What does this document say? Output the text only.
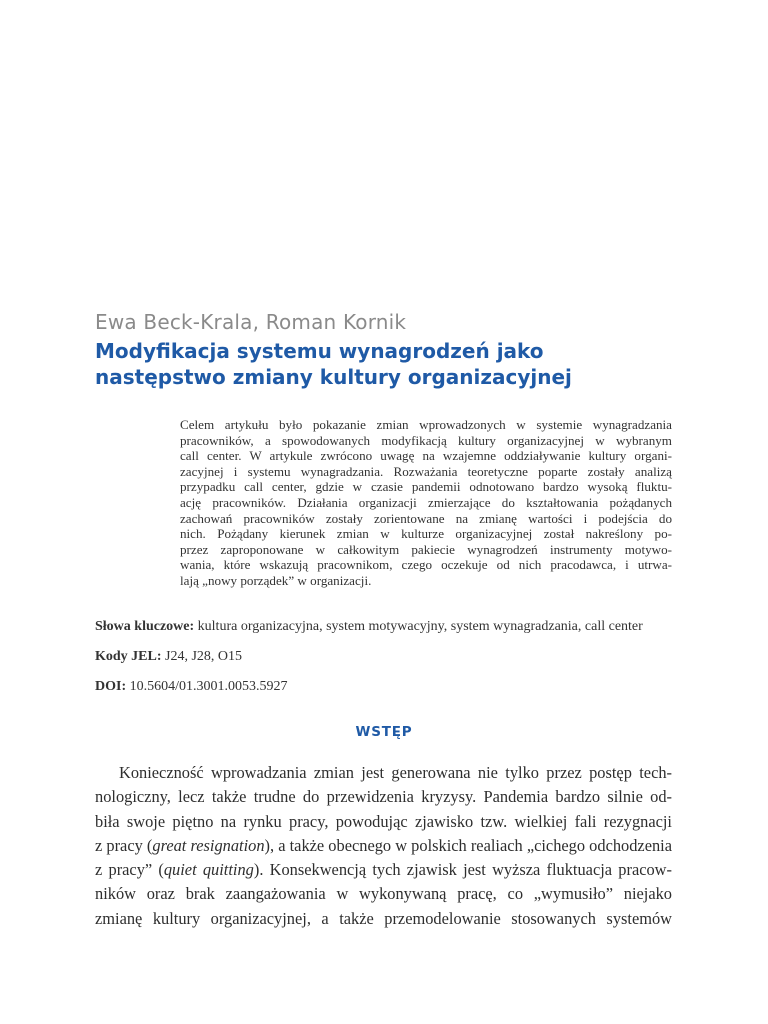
Ewa Beck-Krala, Roman Kornik
Modyfikacja systemu wynagrodzeń jako
następstwo zmiany kultury organizacyjnej
Celem artykułu było pokazanie zmian wprowadzonych w systemie wynagradzania
pracowników, a spowodowanych modyfikacją kultury organizacyjnej w wybranym
call center. W artykule zwrócono uwagę na wzajemne oddziaływanie kultury organi-
zacyjnej i systemu wynagradzania. Rozważania teoretyczne poparte zostały analizą
przypadku call center, gdzie w czasie pandemii odnotowano bardzo wysoką fluktu-
ację pracowników. Działania organizacji zmierzające do kształtowania pożądanych
zachowań pracowników zostały zorientowane na zmianę wartości i podejścia do
nich. Pożądany kierunek zmian w kulturze organizacyjnej został nakreślony po-
przez zaproponowane w całkowitym pakiecie wynagrodzeń instrumenty motywo-
wania, które wskazują pracownikom, czego oczekuje od nich pracodawca, i utrwa-
lają „nowy porządek” w organizacji.
Słowa kluczowe: kultura organizacyjna, system motywacyjny, system wynagradzania, call center
Kody JEL: J24, J28, O15
DOI: 10.5604/01.3001.0053.5927
WSTĘP
Konieczność wprowadzania zmian jest generowana nie tylko przez postęp tech-
nologiczny, lecz także trudne do przewidzenia kryzysy. Pandemia bardzo silnie od-
biła swoje piętno na rynku pracy, powodując zjawisko tzw. wielkiej fali rezygnacji
z pracy (great resignation), a także obecnego w polskich realiach „cichego odchodzenia
z pracy” (quiet quitting). Konsekwencją tych zjawisk jest wyższa fluktuacja pracow-
ników oraz brak zaangażowania w wykonywaną pracę, co „wymusiło” niejako
zmianę kultury organizacyjnej, a także przemodelowanie stosowanych systemów
